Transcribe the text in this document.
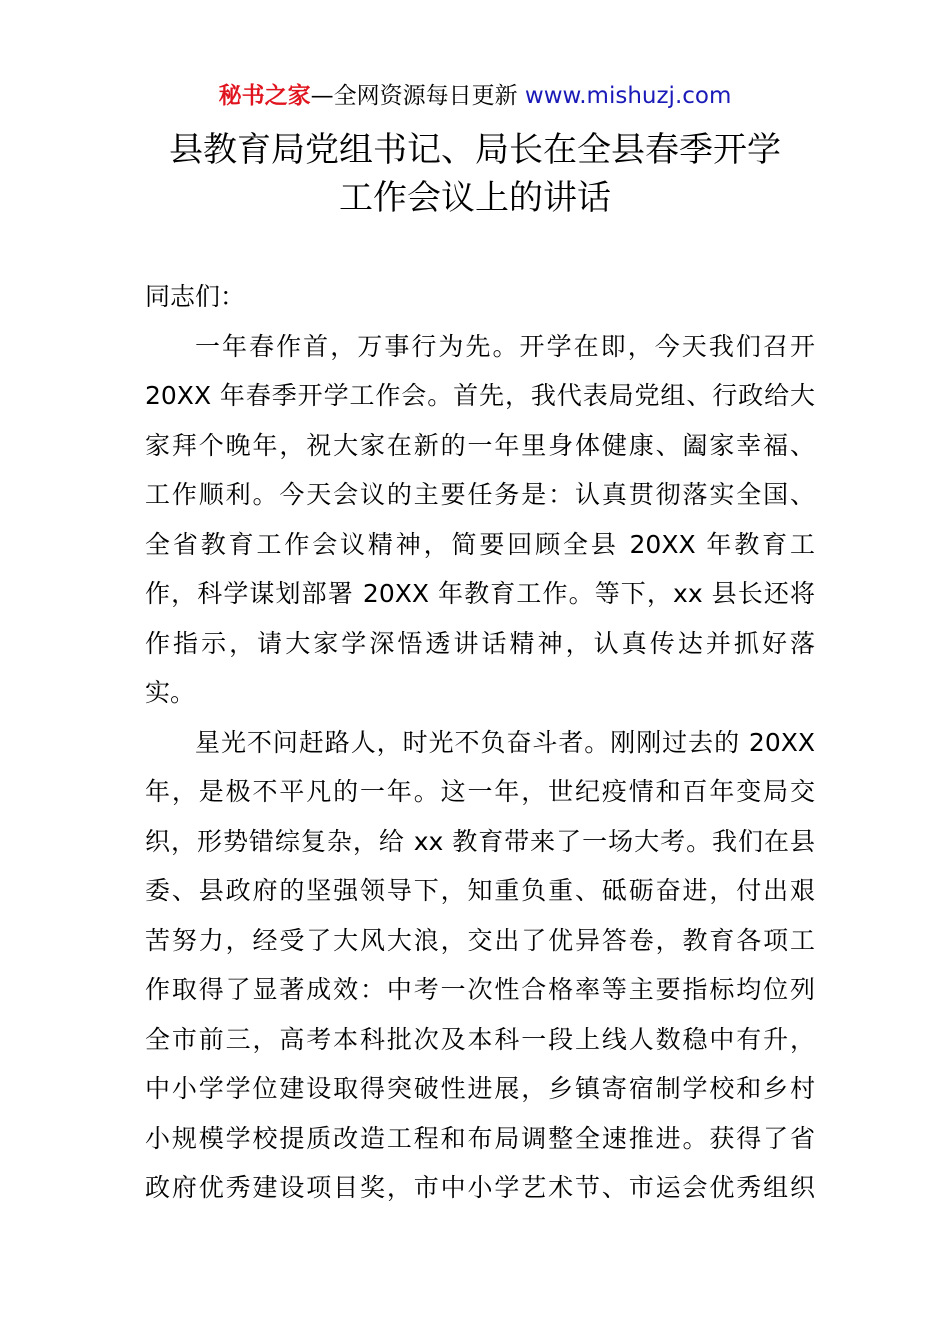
秘书之家—全网资源每日更新 www.mishuzj.com
县教育局党组书记、局长在全县春季开学
工作会议上的讲话
同志们：
一年春作首，万事行为先。开学在即，今天我们召开
20XX 年春季开学工作会。首先，我代表局党组、行政给大
家拜个晚年，祝大家在新的一年里身体健康、阖家幸福、
工作顺利。今天会议的主要任务是：认真贯彻落实全国、
全省教育工作会议精神，简要回顾全县 20XX 年教育工
作，科学谋划部署 20XX 年教育工作。等下，xx 县长还将
作指示，请大家学深悟透讲话精神，认真传达并抓好落
实。
星光不问赶路人，时光不负奋斗者。刚刚过去的 20XX
年，是极不平凡的一年。这一年，世纪疫情和百年变局交
织，形势错综复杂，给 xx 教育带来了一场大考。我们在县
委、县政府的坚强领导下，知重负重、砥砺奋进，付出艰
苦努力，经受了大风大浪，交出了优异答卷，教育各项工
作取得了显著成效：中考一次性合格率等主要指标均位列
全市前三，高考本科批次及本科一段上线人数稳中有升，
中小学学位建设取得突破性进展，乡镇寄宿制学校和乡村
小规模学校提质改造工程和布局调整全速推进。获得了省
政府优秀建设项目奖，市中小学艺术节、市运会优秀组织
